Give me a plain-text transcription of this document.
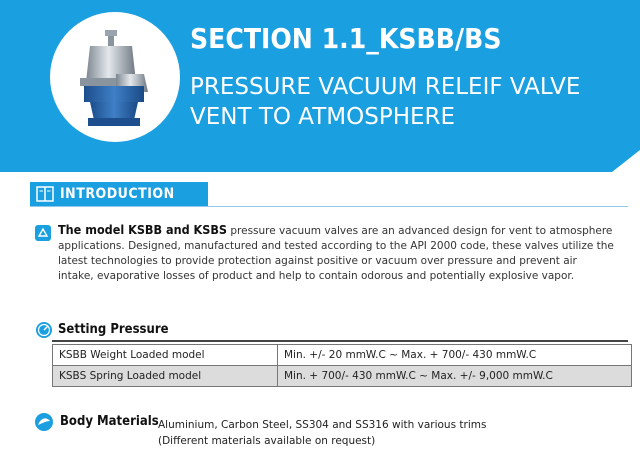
SECTION 1.1_KSBB/BS
PRESSURE VACUUM RELEIF VALVE
VENT TO ATMOSPHERE
INTRODUCTION
The model KSBB and KSBS pressure vacuum valves are an advanced design for vent to atmosphere applications. Designed, manufactured and tested according to the API 2000 code, these valves utilize the latest technologies to provide protection against positive or vacuum over pressure and prevent air intake, evaporative losses of product and help to contain odorous and potentially explosive vapor.
Setting Pressure
KSBB Weight Loaded model	Min. +/- 20 mmW.C ~ Max. + 700/- 430 mmW.C
KSBS Spring Loaded model	Min. + 700/- 430 mmW.C ~ Max. +/- 9,000 mmW.C
Body Materials Aluminium, Carbon Steel, SS304 and SS316 with various trims
(Different materials available on request)
